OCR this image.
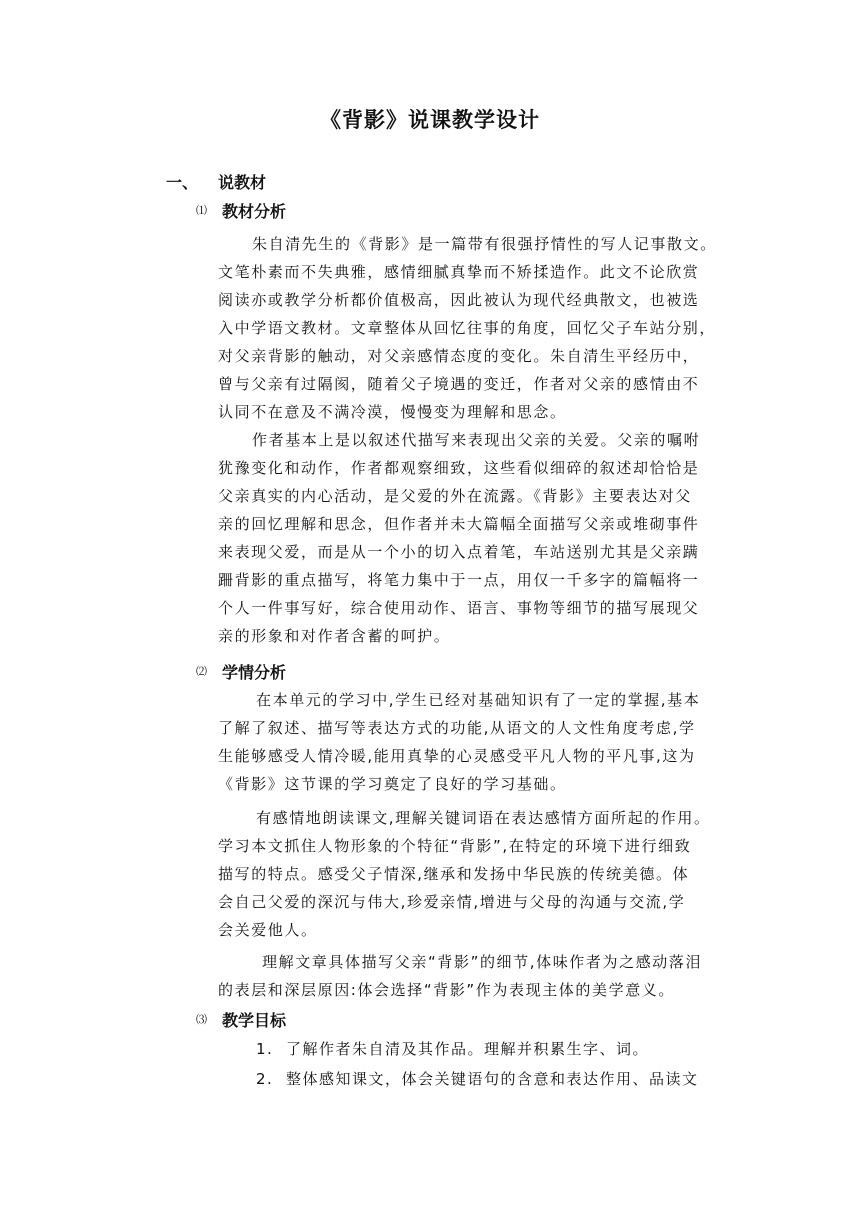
《背影》说课教学设计
一、 说教材
⑴ 教材分析
朱自清先生的《背影》是一篇带有很强抒情性的写人记事散文。
文笔朴素而不失典雅，感情细腻真挚而不矫揉造作。此文不论欣赏
阅读亦或教学分析都价值极高，因此被认为现代经典散文，也被选
入中学语文教材。文章整体从回忆往事的角度，回忆父子车站分别，
对父亲背影的触动，对父亲感情态度的变化。朱自清生平经历中，
曾与父亲有过隔阂，随着父子境遇的变迁，作者对父亲的感情由不
认同不在意及不满冷漠，慢慢变为理解和思念。
作者基本上是以叙述代描写来表现出父亲的关爱。父亲的嘱咐
犹豫变化和动作，作者都观察细致，这些看似细碎的叙述却恰恰是
父亲真实的内心活动，是父爱的外在流露。《背影》主要表达对父
亲的回忆理解和思念，但作者并未大篇幅全面描写父亲或堆砌事件
来表现父爱，而是从一个小的切入点着笔，车站送别尤其是父亲蹒
跚背影的重点描写，将笔力集中于一点，用仅一千多字的篇幅将一
个人一件事写好，综合使用动作、语言、事物等细节的描写展现父
亲的形象和对作者含蓄的呵护。
⑵ 学情分析
在本单元的学习中,学生已经对基础知识有了一定的掌握,基本
了解了叙述、描写等表达方式的功能,从语文的人文性角度考虑,学
生能够感受人情冷暖,能用真挚的心灵感受平凡人物的平凡事,这为
《背影》这节课的学习奠定了良好的学习基础。
有感情地朗读课文,理解关键词语在表达感情方面所起的作用。
学习本文抓住人物形象的个特征“背影”,在特定的环境下进行细致
描写的特点。感受父子情深,继承和发扬中华民族的传统美德。体
会自己父爱的深沉与伟大,珍爱亲情,增进与父母的沟通与交流,学
会关爱他人。
理解文章具体描写父亲“背影”的细节,体味作者为之感动落泪
的表层和深层原因:体会选择“背影”作为表现主体的美学意义。
⑶ 教学目标
1. 了解作者朱自清及其作品。理解并积累生字、词。
2. 整体感知课文，体会关键语句的含意和表达作用、品读文
